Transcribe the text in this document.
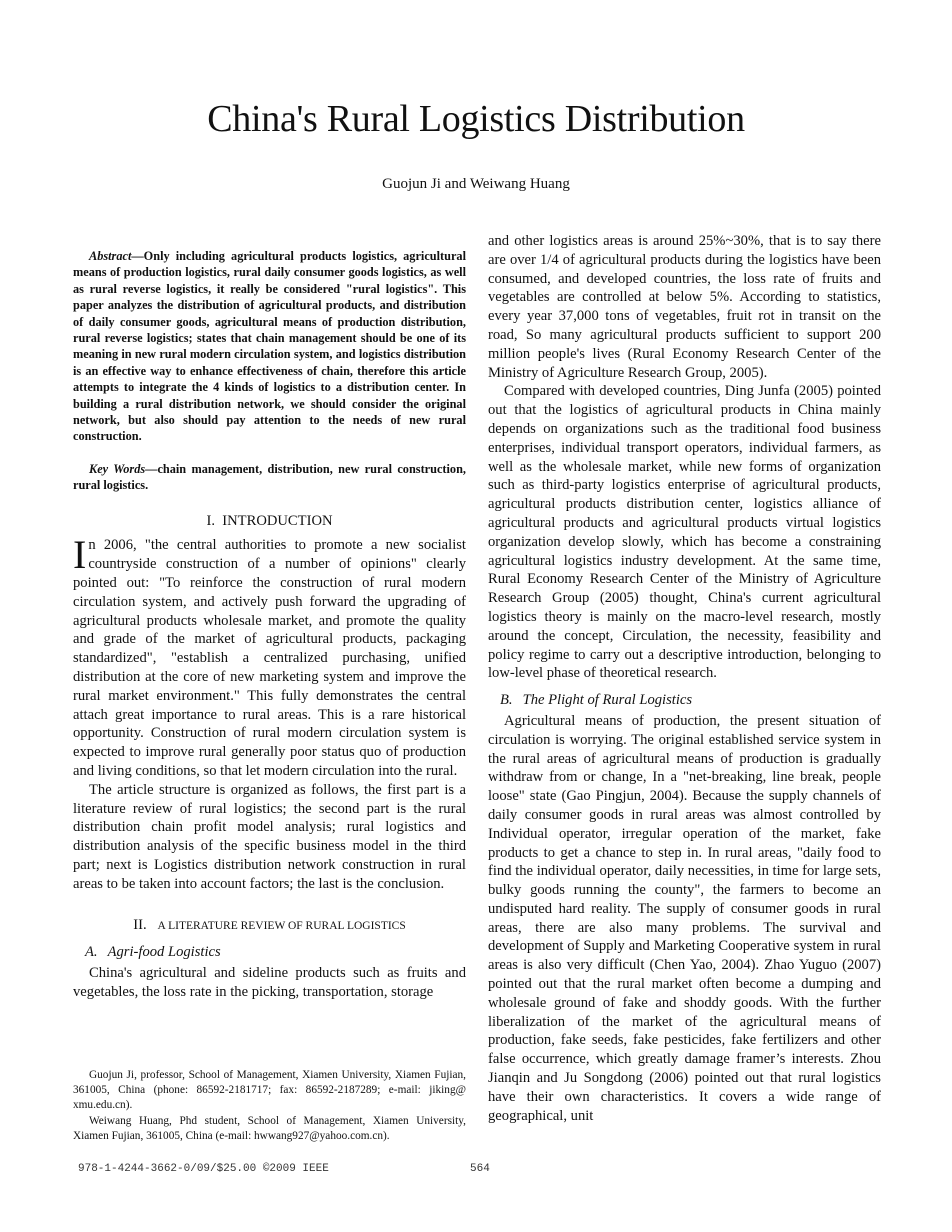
China's Rural Logistics Distribution
Guojun Ji and Weiwang Huang

Abstract—Only including agricultural products logistics, agricultural means of production logistics, rural daily consumer goods logistics, as well as rural reverse logistics, it really be considered "rural logistics". This paper analyzes the distribution of agricultural products, and distribution of daily consumer goods, agricultural means of production distribution, rural reverse logistics; states that chain management should be one of its meaning in new rural modern circulation system, and logistics distribution is an effective way to enhance effectiveness of chain, therefore this article attempts to integrate the 4 kinds of logistics to a distribution center. In building a rural distribution network, we should consider the original network, but also should pay attention to the needs of new rural construction.

Key Words—chain management, distribution, new rural construction, rural logistics.

I. INTRODUCTION

In 2006, "the central authorities to promote a new socialist countryside construction of a number of opinions" clearly pointed out: "To reinforce the construction of rural modern circulation system, and actively push forward the upgrading of agricultural products wholesale market, and promote the quality and grade of the market of agricultural products, packaging standardized", "establish a centralized purchasing, unified distribution at the core of new marketing system and improve the rural market environment." This fully demonstrates the central attach great importance to rural areas. This is a rare historical opportunity. Construction of rural modern circulation system is expected to improve rural generally poor status quo of production and living conditions, so that let modern circulation into the rural.

The article structure is organized as follows, the first part is a literature review of rural logistics; the second part is the rural distribution chain profit model analysis; rural logistics and distribution analysis of the specific business model in the third part; next is Logistics distribution network construction in rural areas to be taken into account factors; the last is the conclusion.

II. A LITERATURE REVIEW OF RURAL LOGISTICS
A. Agri-food Logistics

China's agricultural and sideline products such as fruits and vegetables, the loss rate in the picking, transportation, storage

and other logistics areas is around 25%~30%, that is to say there are over 1/4 of agricultural products during the logistics have been consumed, and developed countries, the loss rate of fruits and vegetables are controlled at below 5%. According to statistics, every year 37,000 tons of vegetables, fruit rot in transit on the road, So many agricultural products sufficient to support 200 million people's lives (Rural Economy Research Center of the Ministry of Agriculture Research Group, 2005).

Compared with developed countries, Ding Junfa (2005) pointed out that the logistics of agricultural products in China mainly depends on organizations such as the traditional food business enterprises, individual transport operators, individual farmers, as well as the wholesale market, while new forms of organization such as third-party logistics enterprise of agricultural products, agricultural products distribution center, logistics alliance of agricultural products and agricultural products virtual logistics organization develop slowly, which has become a constraining agricultural logistics industry development. At the same time, Rural Economy Research Center of the Ministry of Agriculture Research Group (2005) thought, China's current agricultural logistics theory is mainly on the macro-level research, mostly around the concept, Circulation, the necessity, feasibility and policy regime to carry out a descriptive introduction, belonging to low-level phase of theoretical research.

B. The Plight of Rural Logistics

Agricultural means of production, the present situation of circulation is worrying. The original established service system in the rural areas of agricultural means of production is gradually withdraw from or change, In a "net-breaking, line break, people loose" state (Gao Pingjun, 2004). Because the supply channels of daily consumer goods in rural areas was almost controlled by Individual operator, irregular operation of the market, fake products to get a chance to step in. In rural areas, "daily food to find the individual operator, daily necessities, in time for large sets, bulky goods running the county", the farmers to become an undisputed hard reality. The supply of consumer goods in rural areas, there are also many problems. The survival and development of Supply and Marketing Cooperative system in rural areas is also very difficult (Chen Yao, 2004). Zhao Yuguo (2007) pointed out that the rural market often become a dumping and wholesale ground of fake and shoddy goods. With the further liberalization of the market of the agricultural means of production, fake seeds, fake pesticides, fake fertilizers and other false occurrence, which greatly damage framer’s interests. Zhou Jianqin and Ju Songdong (2006) pointed out that rural logistics have their own characteristics. It covers a wide range of geographical, unit

Guojun Ji, professor, School of Management, Xiamen University, Xiamen Fujian, 361005, China (phone: 86592-2181717; fax: 86592-2187289; e-mail: jiking@ xmu.edu.cn).

Weiwang Huang, Phd student, School of Management, Xiamen University, Xiamen Fujian, 361005, China (e-mail: hwwang927@yahoo.com.cn).

978-1-4244-3662-0/09/$25.00 ©2009 IEEE	564
